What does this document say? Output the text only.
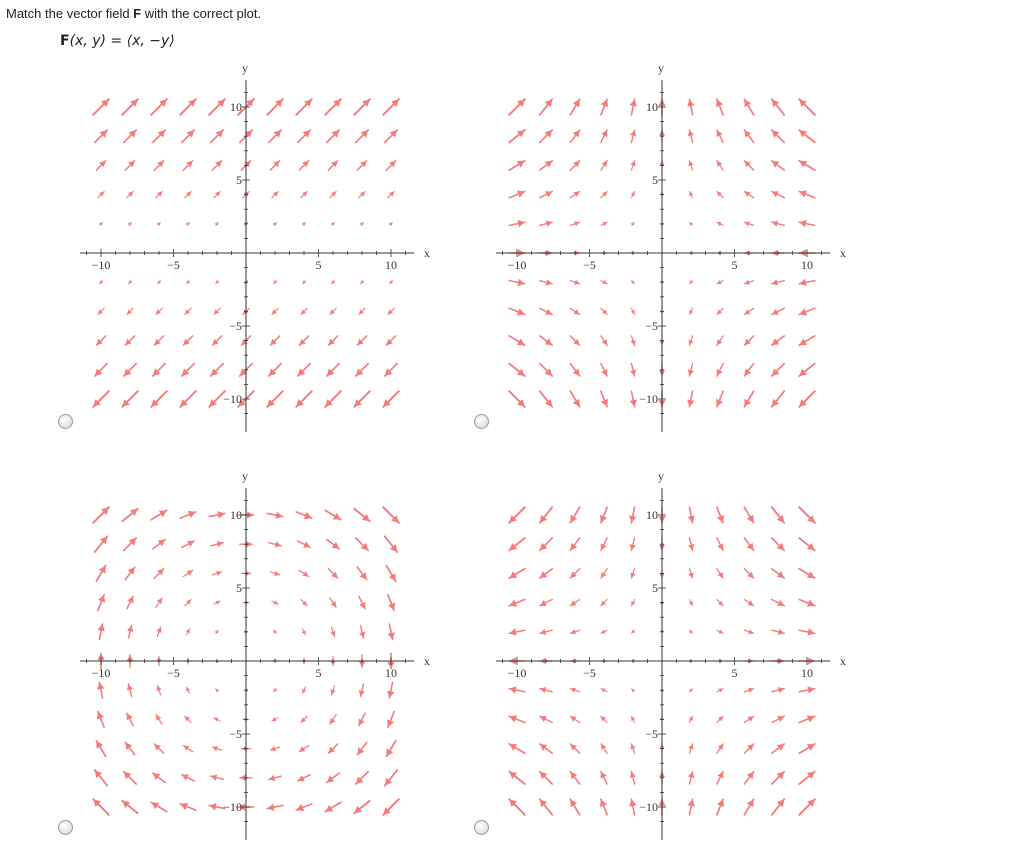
Match the vector field F with the correct plot.
F(x, y) = ⟨x, −y⟩
x
y
−10	−5	5	10
10
5
−5
−10
x
y
−10	−5	5	10
10
5
−5
−10
x
y
−10	−5	5	10
10
5
−5
−10
x
y
−10	−5	5	10
10
5
−5
−10
